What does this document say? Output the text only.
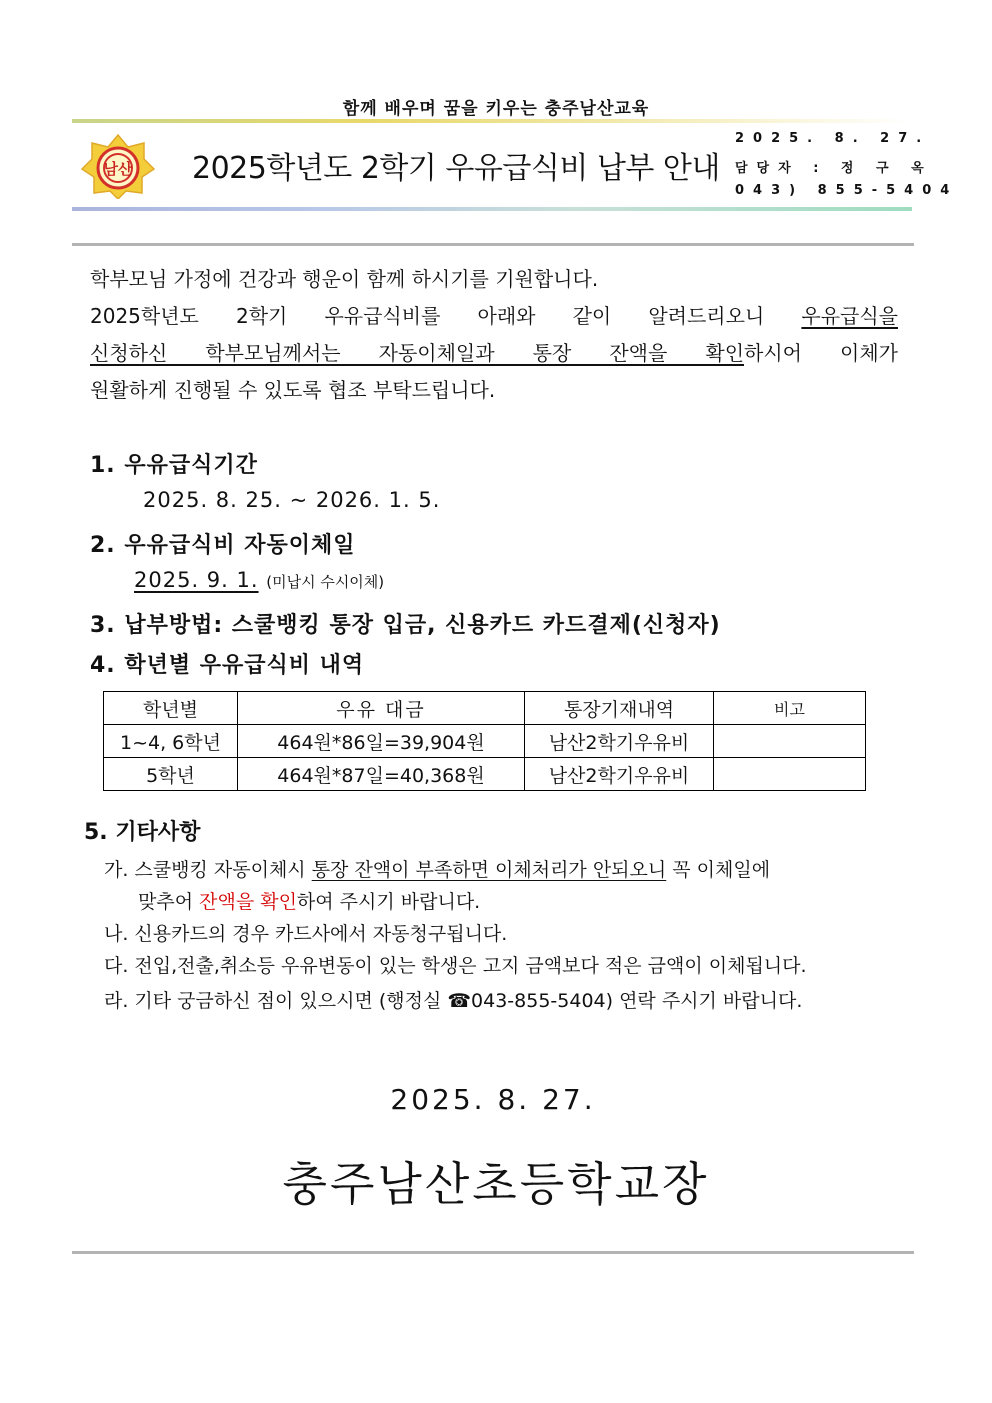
함께 배우며 꿈을 키우는 충주남산교육
남산 2025학년도 2학기 우유급식비 납부 안내
2025. 8. 27.
담당자 : 정 구 옥
043) 855-5404

학부모님 가정에 건강과 행운이 함께 하시기를 기원합니다.

2025학년도 2학기 우유급식비를 아래와 같이 알려드리오니 우유급식을

신청하신 학부모님께서는 자동이체일과 통장 잔액을 확인하시어 이체가

원활하게 진행될 수 있도록 협조 부탁드립니다.

1. 우유급식기간
2025. 8. 25. ~ 2026. 1. 5.
2. 우유급식비 자동이체일
2025. 9. 1. (미납시 수시이체)
3. 납부방법: 스쿨뱅킹 통장 입금, 신용카드 카드결제(신청자)
4. 학년별 우유급식비 내역
학년별	우유 대금	통장기재내역	비고
1~4, 6학년	464원*86일=39,904원	남산2학기우유비	
5학년	464원*87일=40,368원	남산2학기우유비	
5. 기타사항
가. 스쿨뱅킹 자동이체시 통장 잔액이 부족하면 이체처리가 안되오니 꼭 이체일에
맞추어 잔액을 확인하여 주시기 바랍니다.
나. 신용카드의 경우 카드사에서 자동청구됩니다.
다. 전입,전출,취소등 우유변동이 있는 학생은 고지 금액보다 적은 금액이 이체됩니다.
라. 기타 궁금하신 점이 있으시면 (행정실 ☎043-855-5404) 연락 주시기 바랍니다.
2025. 8. 27.
충주남산초등학교장
